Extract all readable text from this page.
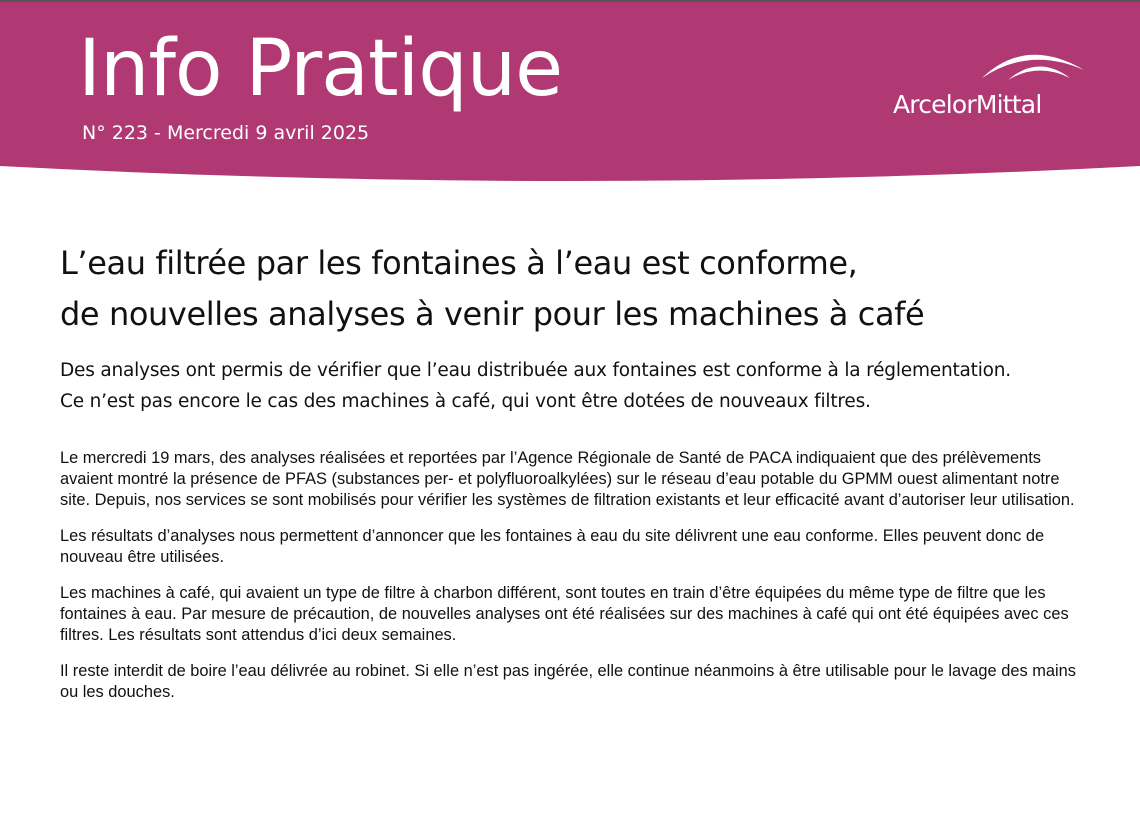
Info Pratique
N° 223 - Mercredi 9 avril 2025
ArcelorMittal
L’eau filtrée par les fontaines à l’eau est conforme,
de nouvelles analyses à venir pour les machines à café
Des analyses ont permis de vérifier que l’eau distribuée aux fontaines est conforme à la réglementation.
Ce n’est pas encore le cas des machines à café, qui vont être dotées de nouveaux filtres.

Le mercredi 19 mars, des analyses réalisées et reportées par l’Agence Régionale de Santé de PACA indiquaient que des prélèvements avaient montré la présence de PFAS (substances per- et polyfluoroalkylées) sur le réseau d’eau potable du GPMM ouest alimentant notre site. Depuis, nos services se sont mobilisés pour vérifier les systèmes de filtration existants et leur efficacité avant d’autoriser leur utilisation.

Les résultats d’analyses nous permettent d’annoncer que les fontaines à eau du site délivrent une eau conforme. Elles peuvent donc de nouveau être utilisées.

Les machines à café, qui avaient un type de filtre à charbon différent, sont toutes en train d’être équipées du même type de filtre que les fontaines à eau. Par mesure de précaution, de nouvelles analyses ont été réalisées sur des machines à café qui ont été équipées avec ces filtres. Les résultats sont attendus d’ici deux semaines.

Il reste interdit de boire l’eau délivrée au robinet. Si elle n’est pas ingérée, elle continue néanmoins à être utilisable pour le lavage des mains ou les douches.
